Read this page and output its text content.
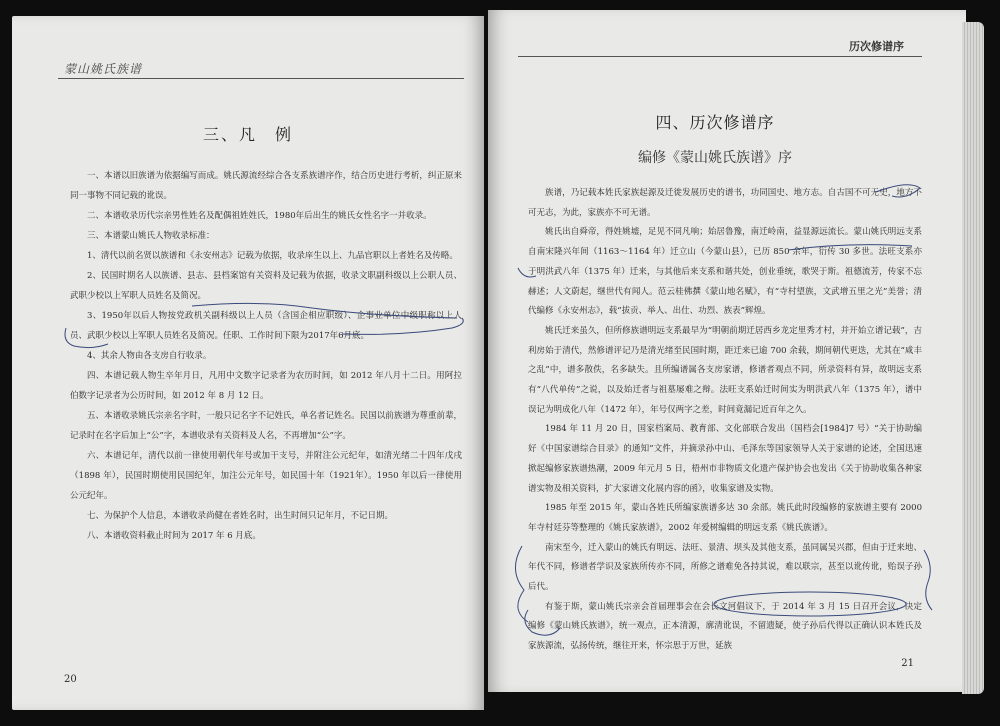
蒙山姚氏族谱
三、凡　例

一、本谱以旧族谱为依据编写而成。姚氏源流经综合各支系族谱序作，结合历史进行考析，纠正原来同一事物不同记载的讹误。

二、本谱收录历代宗亲男性姓名及配偶祖姓姓氏，1980年后出生的姚氏女性名字一并收录。

三、本谱蒙山姚氏人物收录标准：

1、清代以前名贤以族谱和《永安州志》记载为依据，收录庠生以上、九品官职以上者姓名及传略。

2、民国时期名人以族谱、县志、县档案馆有关资料及记载为依据，收录文职副科级以上公职人员、武职少校以上军职人员姓名及简况。

3、1950年以后人物按党政机关副科级以上人员（含国企相应职级）、企事业单位中级职称以上人员、武职少校以上军职人员姓名及简况。任职、工作时间下限为2017年6月底。

4、其余人物由各支房自行收录。

四、本谱记载人物生卒年月日，凡用中文数字记录者为农历时间，如 2012 年八月十二日。用阿拉伯数字记录者为公历时间，如 2012 年 8 月 12 日。

五、本谱收录姚氏宗亲名字时，一般只记名字不记姓氏，单名者记姓名。民国以前族谱为尊重前辈，记录时在名字后加上“公”字，本谱收录有关资料及人名，不再增加“公”字。

六、本谱记年，清代以前一律使用朝代年号或加干支号，并附注公元纪年，如清光绪二十四年戊戌（1898 年），民国时期使用民国纪年，加注公元年号，如民国十年（1921年）。1950 年以后一律使用公元纪年。

七、为保护个人信息，本谱收录尚健在者姓名时，出生时间只记年月，不记日期。

八、本谱收资料截止时间为 2017 年 6 月底。

20
历次修谱序
四、历次修谱序
编修《蒙山姚氏族谱》序

族谱，乃记载本姓氏家族起源及迁徙发展历史的谱书，功同国史、地方志。自古国不可无史，地方不可无志，为此，家族亦不可无谱。

姚氏出自舜帝，得姓姚墟，足见不同凡响；始居鲁豫，南迁岭南，益显源远流长。蒙山姚氏明远支系自南宋隆兴年间（1163～1164 年）迁立山（今蒙山县），已历 850 余年，衍传 30 多世。法旺支系亦于明洪武八年（1375 年）迁来，与其他后来支系和谐共处，创业垂统，歌哭于斯。祖德流芳，传家不忘赫述；人文蔚起，继世代有闻人。范云桂佛撰《蒙山地名赋》，有“寺村望族，文武增五里之光”美誉；清代编修《永安州志》，载“拔贡、举人、出仕、功烈、族表”辉煌。

姚氏迁来虽久，但所修族谱明远支系最早为“明朝前期迁居西乡龙定里秀才村，并开始立谱记载”，吉利房始于清代，然修谱评记乃是清光绪至民国时期，距迁来已逾 700 余载，期间朝代更迭，尤其在“咸丰之乱”中，谱多散佚，名多缺失。且所编谱属各支房家谱，修谱者观点不同，所录资料有异，故明远支系有“八代单传”之说，以及始迁者与祖墓屡难之辩。法旺支系始迁时间实为明洪武八年（1375 年），谱中误记为明成化八年（1472 年），年号仅两字之差，时间竟漏记近百年之久。

1984 年 11 月 20 日，国家档案局、教育部、文化部联合发出（国档会[1984]7 号）“关于协助编好《中国家谱综合目录》的通知”文件，并摘录孙中山、毛泽东等国家领导人关于家谱的论述，全国迅速掀起编修家族谱热潮，2009 年元月 5 日，梧州市非物质文化遗产保护协会也发出《关于协助收集各种家谱实物及相关资料，扩大家谱文化展内容的函》，收集家谱及实物。

1985 年至 2015 年，蒙山各姓氏所编家族谱多达 30 余部。姚氏此时段编修的家族谱主要有 2000 年寺村廷芬等整理的《姚氏家族谱》，2002 年爱树编辑的明远支系《姚氏族谱》。

南宋至今，迁入蒙山的姚氏有明远、法旺、景清、坝头及其他支系，虽同属吴兴郡，但由于迁来地、年代不同，修谱者学识及家族所传亦不同，所修之谱难免各持其说，难以联宗，甚至以讹传讹，贻误子孙后代。

有鉴于斯，蒙山姚氏宗亲会首届理事会在会长文河倡议下，于 2014 年 3 月 15 日召开会议，决定编修《蒙山姚氏族谱》，统一观点，正本清源，廓清讹误，不留遗疑，使子孙后代得以正确认识本姓氏及家族源流，弘扬传统，继往开来，怀宗思于万世，延族

21
